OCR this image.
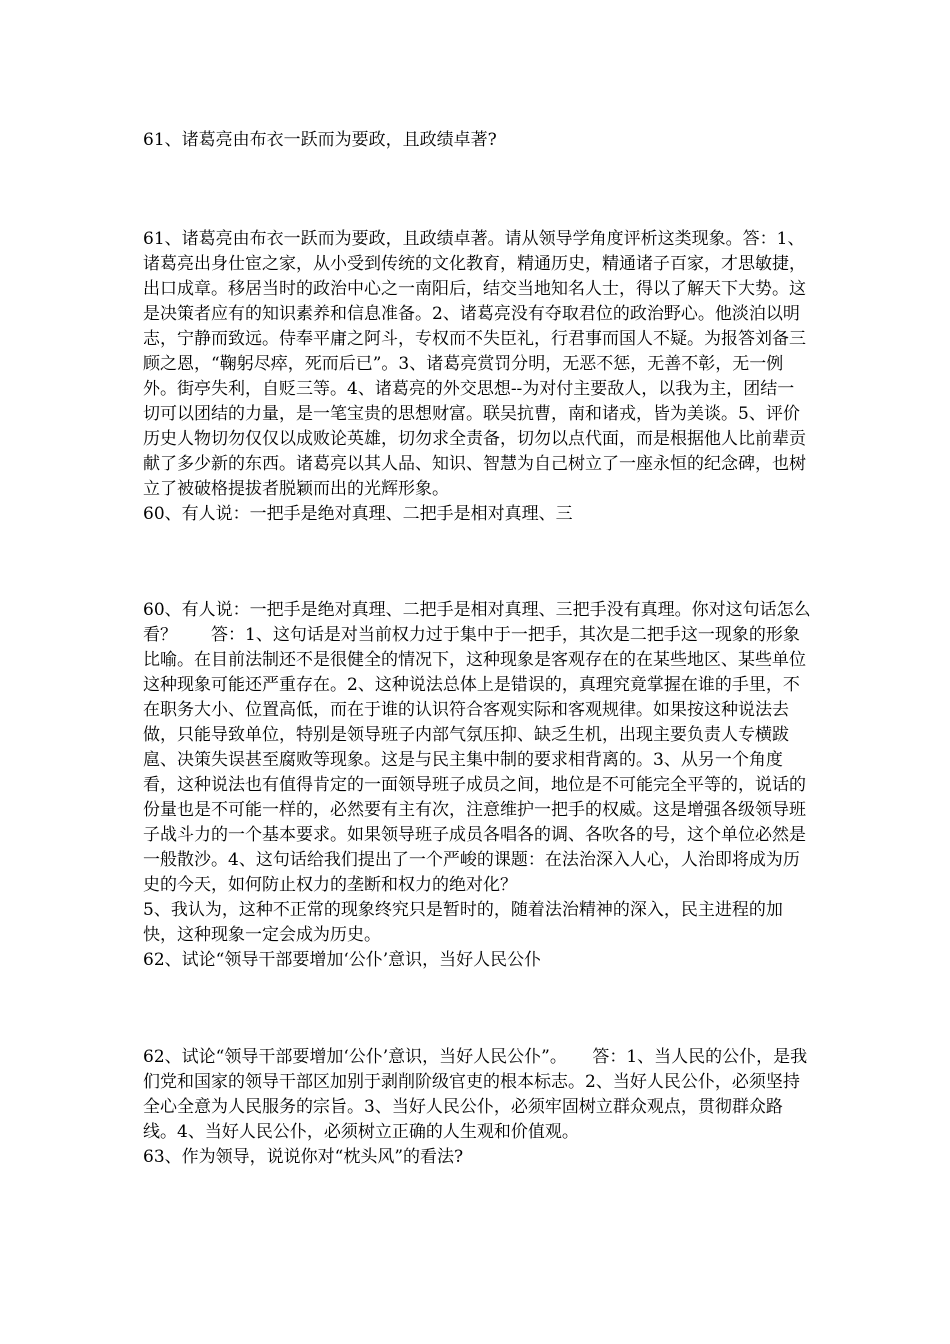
61、诸葛亮由布衣一跃而为要政，且政绩卓著?

61、诸葛亮由布衣一跃而为要政，且政绩卓著。请从领导学角度评析这类现象。答：1、诸葛亮出身仕宦之家，从小受到传统的文化教育，精通历史，精通诸子百家，才思敏捷，出口成章。移居当时的政治中心之一南阳后，结交当地知名人士，得以了解天下大势。这是决策者应有的知识素养和信息准备。2、诸葛亮没有夺取君位的政治野心。他淡泊以明志，宁静而致远。侍奉平庸之阿斗，专权而不失臣礼，行君事而国人不疑。为报答刘备三顾之恩，“鞠躬尽瘁，死而后已”。3、诸葛亮赏罚分明，无恶不惩，无善不彰，无一例外。街亭失利，自贬三等。4、诸葛亮的外交思想--为对付主要敌人，以我为主，团结一切可以团结的力量，是一笔宝贵的思想财富。联吴抗曹，南和诸戎，皆为美谈。5、评价历史人物切勿仅仅以成败论英雄，切勿求全责备，切勿以点代面，而是根据他人比前辈贡献了多少新的东西。诸葛亮以其人品、知识、智慧为自己树立了一座永恒的纪念碑，也树立了被破格提拔者脱颖而出的光辉形象。

60、有人说：一把手是绝对真理、二把手是相对真理、三

60、有人说：一把手是绝对真理、二把手是相对真理、三把手没有真理。你对这句话怎么看？　　答：1、这句话是对当前权力过于集中于一把手，其次是二把手这一现象的形象比喻。在目前法制还不是很健全的情况下，这种现象是客观存在的在某些地区、某些单位这种现象可能还严重存在。2、这种说法总体上是错误的，真理究竟掌握在谁的手里，不在职务大小、位置高低，而在于谁的认识符合客观实际和客观规律。如果按这种说法去做，只能导致单位，特别是领导班子内部气氛压抑、缺乏生机，出现主要负责人专横跋扈、决策失误甚至腐败等现象。这是与民主集中制的要求相背离的。3、从另一个角度看，这种说法也有值得肯定的一面领导班子成员之间，地位是不可能完全平等的，说话的份量也是不可能一样的，必然要有主有次，注意维护一把手的权威。这是增强各级领导班子战斗力的一个基本要求。如果领导班子成员各唱各的调、各吹各的号，这个单位必然是一般散沙。4、这句话给我们提出了一个严峻的课题：在法治深入人心，人治即将成为历史的今天，如何防止权力的垄断和权力的绝对化？

5、我认为，这种不正常的现象终究只是暂时的，随着法治精神的深入，民主进程的加快，这种现象一定会成为历史。

62、试论“领导干部要增加‘公仆’意识，当好人民公仆

62、试论“领导干部要增加‘公仆’意识，当好人民公仆”。　　答：1、当人民的公仆，是我们党和国家的领导干部区加别于剥削阶级官吏的根本标志。2、当好人民公仆，必须坚持全心全意为人民服务的宗旨。3、当好人民公仆，必须牢固树立群众观点，贯彻群众路线。4、当好人民公仆，必须树立正确的人生观和价值观。

63、作为领导，说说你对“枕头风”的看法?
